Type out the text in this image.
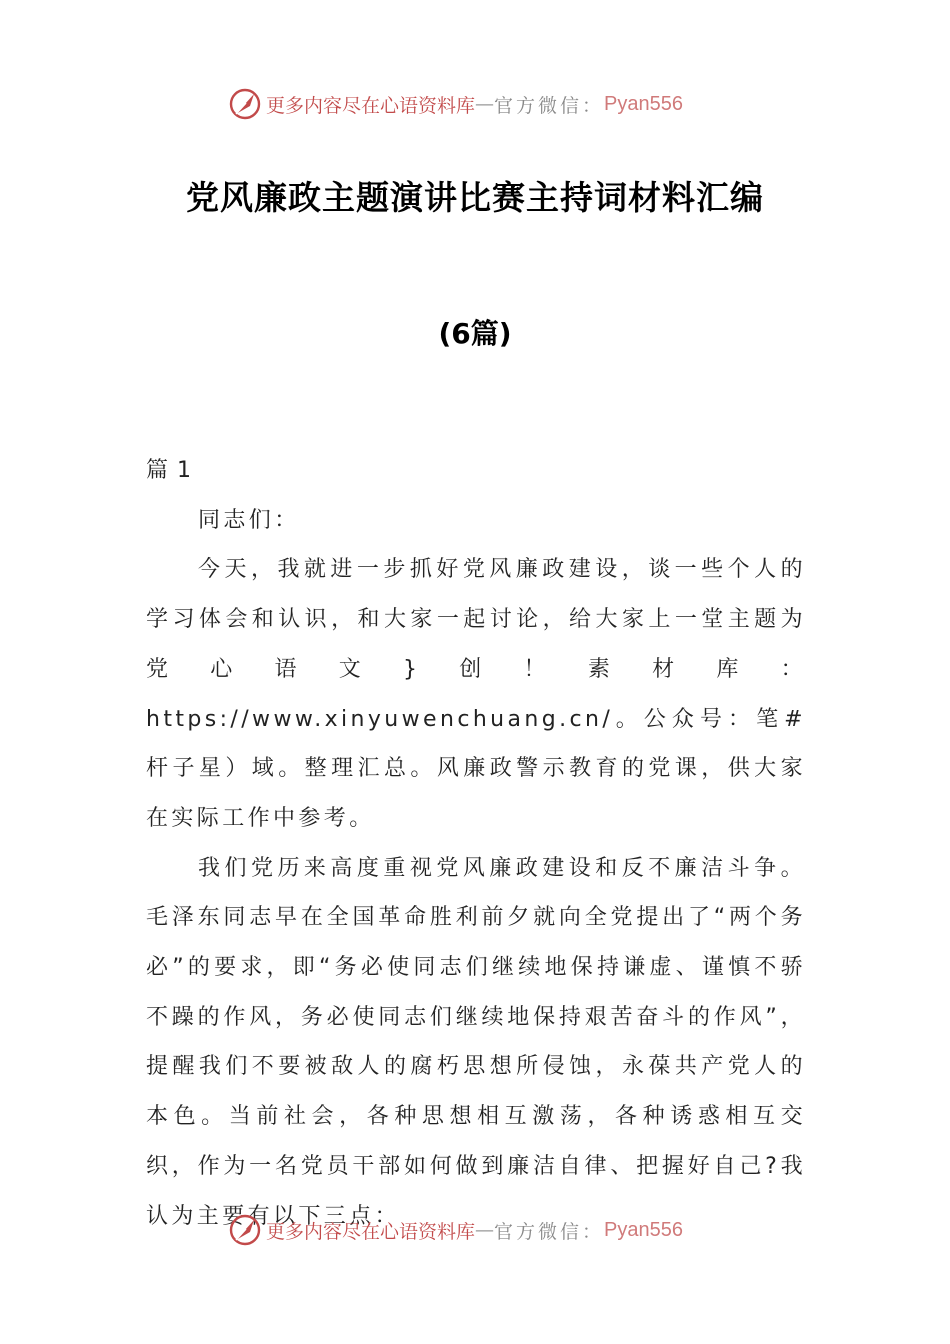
更多内容尽在心语资料库 — 官方微信： Pyan556
党风廉政主题演讲比赛主持词材料汇编
(6篇)

篇 1

同志们：

今天，我就进一步抓好党风廉政建设，谈一些个人的学习体会和认识，和大家一起讨论，给大家上一堂主题为党心语文}创！素材库：https://www.xinyuwenchuang.cn/。公众号：笔#杆子星）域。整理汇总。风廉政警示教育的党课，供大家在实际工作中参考。

我们党历来高度重视党风廉政建设和反不廉洁斗争。毛泽东同志早在全国革命胜利前夕就向全党提出了“两个务必”的要求，即“务必使同志们继续地保持谦虚、谨慎不骄不躁的作风，务必使同志们继续地保持艰苦奋斗的作风”，提醒我们不要被敌人的腐朽思想所侵蚀，永葆共产党人的本色。当前社会，各种思想相互激荡，各种诱惑相互交织，作为一名党员干部如何做到廉洁自律、把握好自己?我认为主要有以下三点：

更多内容尽在心语资料库 — 官方微信： Pyan556
